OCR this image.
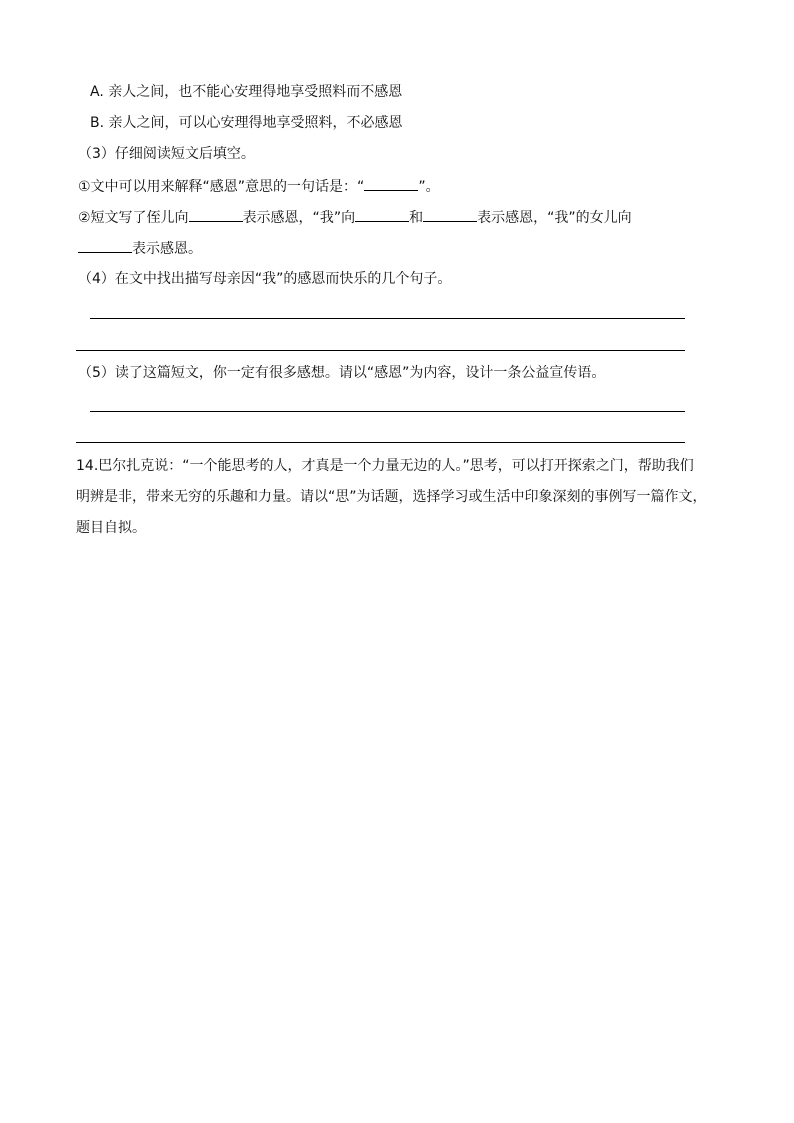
A. 亲人之间，也不能心安理得地享受照料而不感恩
B. 亲人之间，可以心安理得地享受照料，不必感恩
（3）仔细阅读短文后填空。
①文中可以用来解释“感恩”意思的一句话是：“	”。
②短文写了侄儿向	表示感恩，“我”向	和	表示感恩，“我”的女儿向
表示感恩。
（4）在文中找出描写母亲因“我”的感恩而快乐的几个句子。
（5）读了这篇短文，你一定有很多感想。请以“感恩”为内容，设计一条公益宣传语。
14.巴尔扎克说：“一个能思考的人，才真是一个力量无边的人。”思考，可以打开探索之门，帮助我们
明辨是非，带来无穷的乐趣和力量。请以“思”为话题，选择学习或生活中印象深刻的事例写一篇作文，
题目自拟。
